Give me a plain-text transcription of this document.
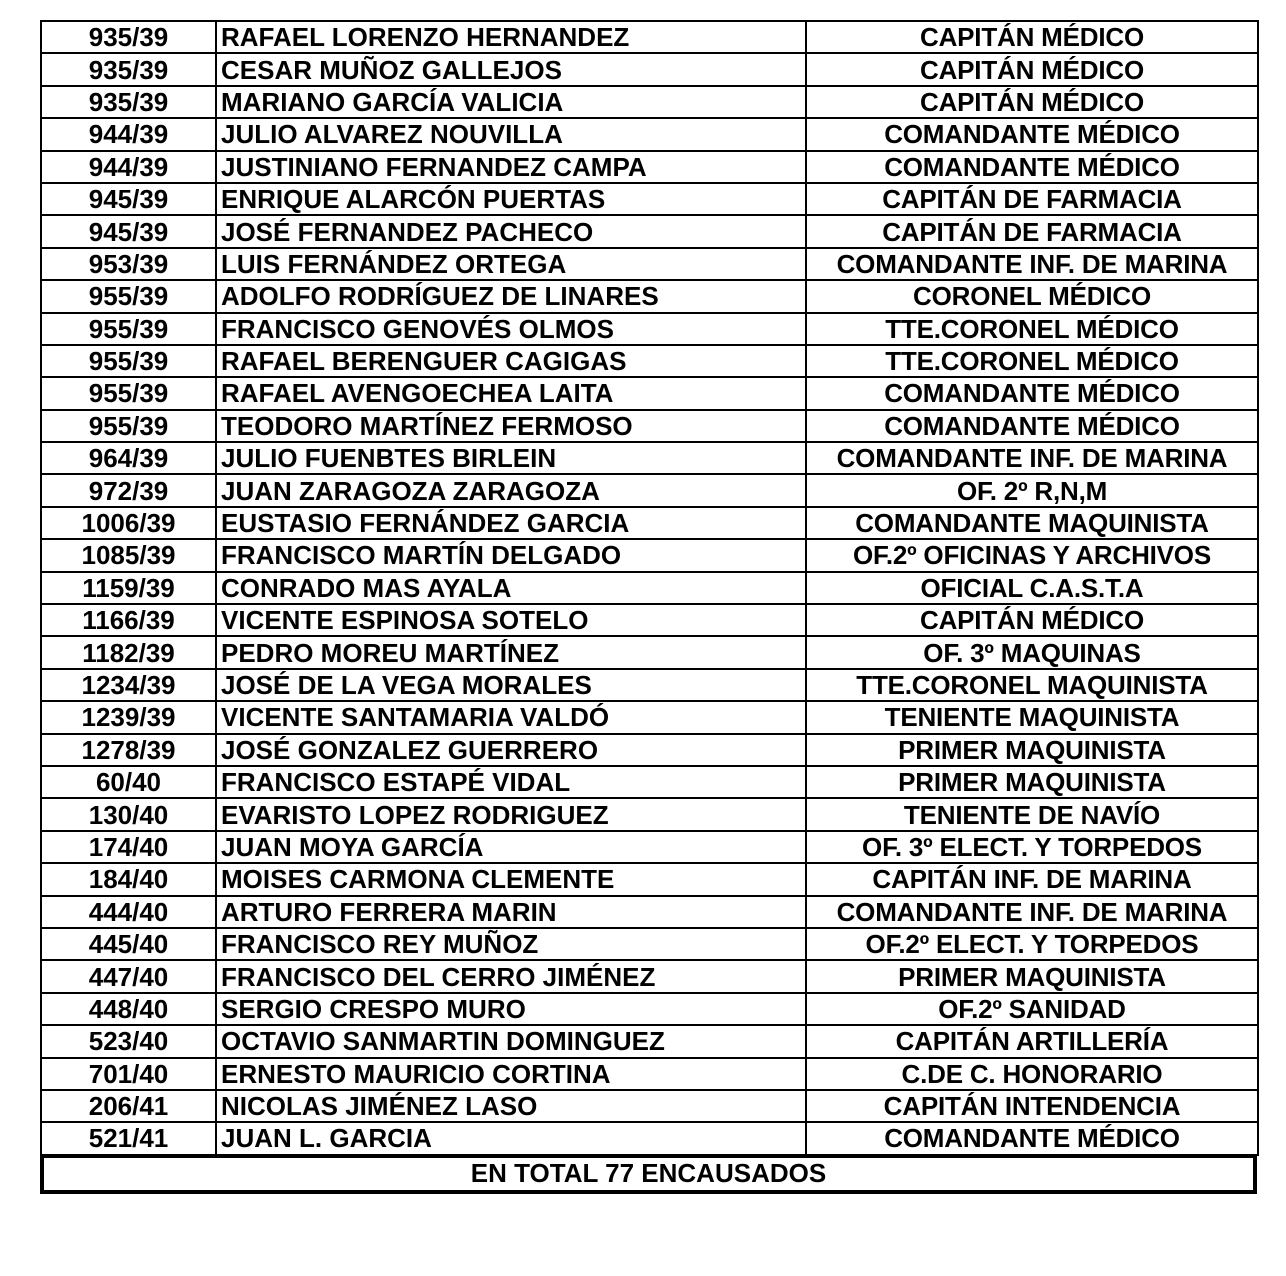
935/39	RAFAEL LORENZO HERNANDEZ	CAPITÁN MÉDICO
935/39	CESAR MUÑOZ GALLEJOS	CAPITÁN MÉDICO
935/39	MARIANO GARCÍA VALICIA	CAPITÁN MÉDICO
944/39	JULIO ALVAREZ NOUVILLA	COMANDANTE MÉDICO
944/39	JUSTINIANO FERNANDEZ CAMPA	COMANDANTE MÉDICO
945/39	ENRIQUE ALARCÓN PUERTAS	CAPITÁN DE FARMACIA
945/39	JOSÉ FERNANDEZ PACHECO	CAPITÁN DE FARMACIA
953/39	LUIS FERNÁNDEZ ORTEGA	COMANDANTE INF. DE MARINA
955/39	ADOLFO RODRÍGUEZ DE LINARES	CORONEL MÉDICO
955/39	FRANCISCO GENOVÉS OLMOS	TTE.CORONEL MÉDICO
955/39	RAFAEL BERENGUER CAGIGAS	TTE.CORONEL MÉDICO
955/39	RAFAEL AVENGOECHEA LAITA	COMANDANTE MÉDICO
955/39	TEODORO MARTÍNEZ FERMOSO	COMANDANTE MÉDICO
964/39	JULIO FUENBTES BIRLEIN	COMANDANTE INF. DE MARINA
972/39	JUAN ZARAGOZA ZARAGOZA	OF. 2º R,N,M
1006/39	EUSTASIO FERNÁNDEZ GARCIA	COMANDANTE MAQUINISTA
1085/39	FRANCISCO MARTÍN DELGADO	OF.2º OFICINAS Y ARCHIVOS
1159/39	CONRADO MAS AYALA	OFICIAL C.A.S.T.A
1166/39	VICENTE ESPINOSA SOTELO	CAPITÁN MÉDICO
1182/39	PEDRO MOREU MARTÍNEZ	OF. 3º MAQUINAS
1234/39	JOSÉ DE LA VEGA MORALES	TTE.CORONEL MAQUINISTA
1239/39	VICENTE SANTAMARIA VALDÓ	TENIENTE MAQUINISTA
1278/39	JOSÉ GONZALEZ GUERRERO	PRIMER MAQUINISTA
60/40	FRANCISCO ESTAPÉ VIDAL	PRIMER MAQUINISTA
130/40	EVARISTO LOPEZ RODRIGUEZ	TENIENTE DE NAVÍO
174/40	JUAN MOYA GARCÍA	OF. 3º ELECT. Y TORPEDOS
184/40	MOISES CARMONA CLEMENTE	CAPITÁN INF. DE MARINA
444/40	ARTURO FERRERA MARIN	COMANDANTE INF. DE MARINA
445/40	FRANCISCO REY MUÑOZ	OF.2º ELECT. Y TORPEDOS
447/40	FRANCISCO DEL CERRO JIMÉNEZ	PRIMER MAQUINISTA
448/40	SERGIO CRESPO MURO	OF.2º SANIDAD
523/40	OCTAVIO SANMARTIN DOMINGUEZ	CAPITÁN ARTILLERÍA
701/40	ERNESTO MAURICIO CORTINA	C.DE C. HONORARIO
206/41	NICOLAS JIMÉNEZ LASO	CAPITÁN INTENDENCIA
521/41	JUAN L. GARCIA	COMANDANTE MÉDICO
EN TOTAL 77 ENCAUSADOS
